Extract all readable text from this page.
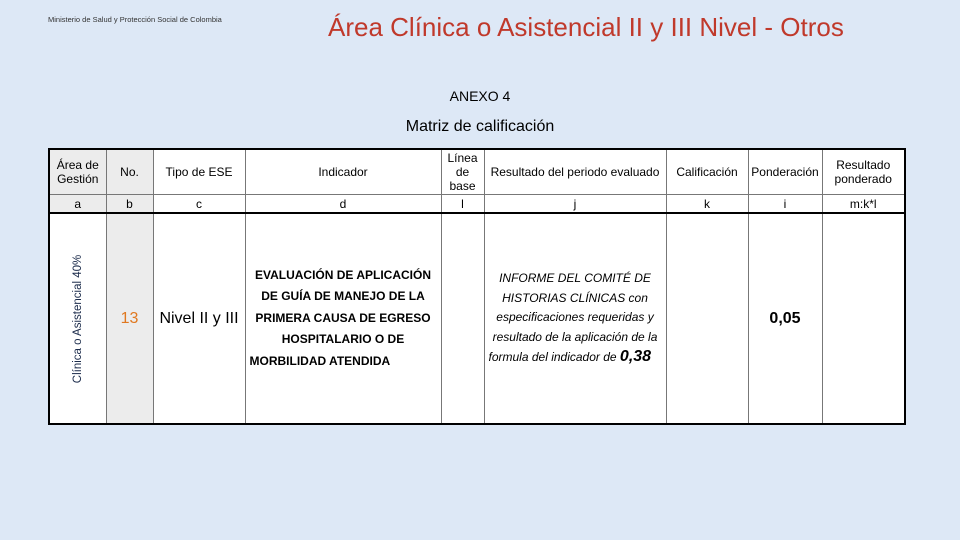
Ministerio de Salud y Protección Social de Colombia	Área Clínica o Asistencial II y III Nivel - Otros
ANEXO 4
Matriz de calificación
Área de Gestión	No.	Tipo de ESE	Indicador	Línea de base	Resultado del periodo evaluado	Calificación	Ponderación	Resultado ponderado
a	b	c	d	l	j	k	i	m:k*l

Clínica o Asistencial 40%	13	Nivel II y III	EVALUACIÓN DE APLICACIÓN DE GUÍA DE MANEJO DE LA PRIMERA CAUSA DE EGRESO HOSPITALARIO O DE MORBILIDAD ATENDIDA		INFORME DEL COMITÉ DE HISTORIAS CLÍNICAS con especificaciones requeridas y resultado de la aplicación de la formula del indicador de 0,38		0,05	
